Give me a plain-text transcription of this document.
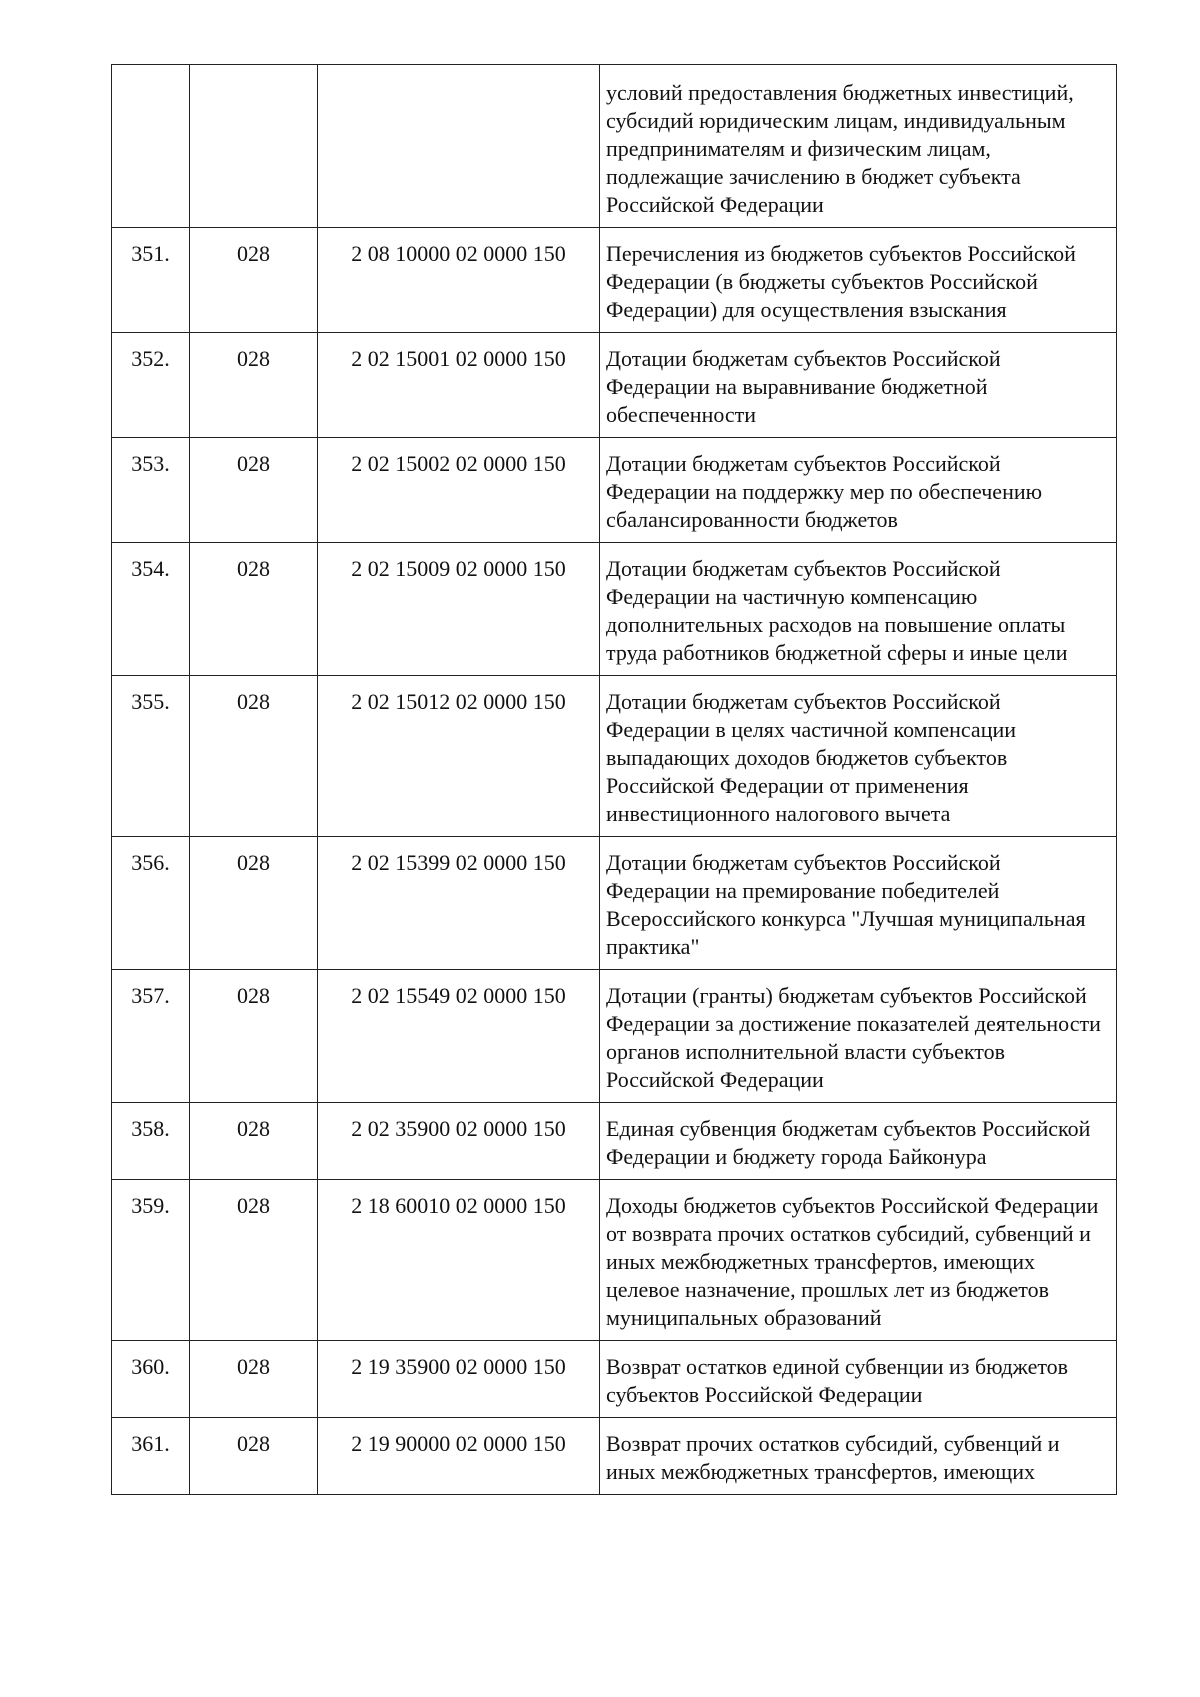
			условий предоставления бюджетных инвестиций, субсидий юридическим лицам, индивидуальным предпринимателям и физическим лицам, подлежащие зачислению в бюджет субъекта Российской Федерации
351.	028	2 08 10000 02 0000 150	Перечисления из бюджетов субъектов Российской Федерации (в бюджеты субъектов Российской Федерации) для осуществления взыскания
352.	028	2 02 15001 02 0000 150	Дотации бюджетам субъектов Российской Федерации на выравнивание бюджетной обеспеченности
353.	028	2 02 15002 02 0000 150	Дотации бюджетам субъектов Российской Федерации на поддержку мер по обеспечению сбалансированности бюджетов
354.	028	2 02 15009 02 0000 150	Дотации бюджетам субъектов Российской Федерации на частичную компенсацию дополнительных расходов на повышение оплаты труда работников бюджетной сферы и иные цели
355.	028	2 02 15012 02 0000 150	Дотации бюджетам субъектов Российской Федерации в целях частичной компенсации выпадающих доходов бюджетов субъектов Российской Федерации от применения инвестиционного налогового вычета
356.	028	2 02 15399 02 0000 150	Дотации бюджетам субъектов Российской Федерации на премирование победителей Всероссийского конкурса "Лучшая муниципальная практика"
357.	028	2 02 15549 02 0000 150	Дотации (гранты) бюджетам субъектов Российской Федерации за достижение показателей деятельности органов исполнительной власти субъектов Российской Федерации
358.	028	2 02 35900 02 0000 150	Единая субвенция бюджетам субъектов Российской Федерации и бюджету города Байконура
359.	028	2 18 60010 02 0000 150	Доходы бюджетов субъектов Российской Федерации от возврата прочих остатков субсидий, субвенций и иных межбюджетных трансфертов, имеющих целевое назначение, прошлых лет из бюджетов муниципальных образований
360.	028	2 19 35900 02 0000 150	Возврат остатков единой субвенции из бюджетов субъектов Российской Федерации
361.	028	2 19 90000 02 0000 150	Возврат прочих остатков субсидий, субвенций и иных межбюджетных трансфертов, имеющих
